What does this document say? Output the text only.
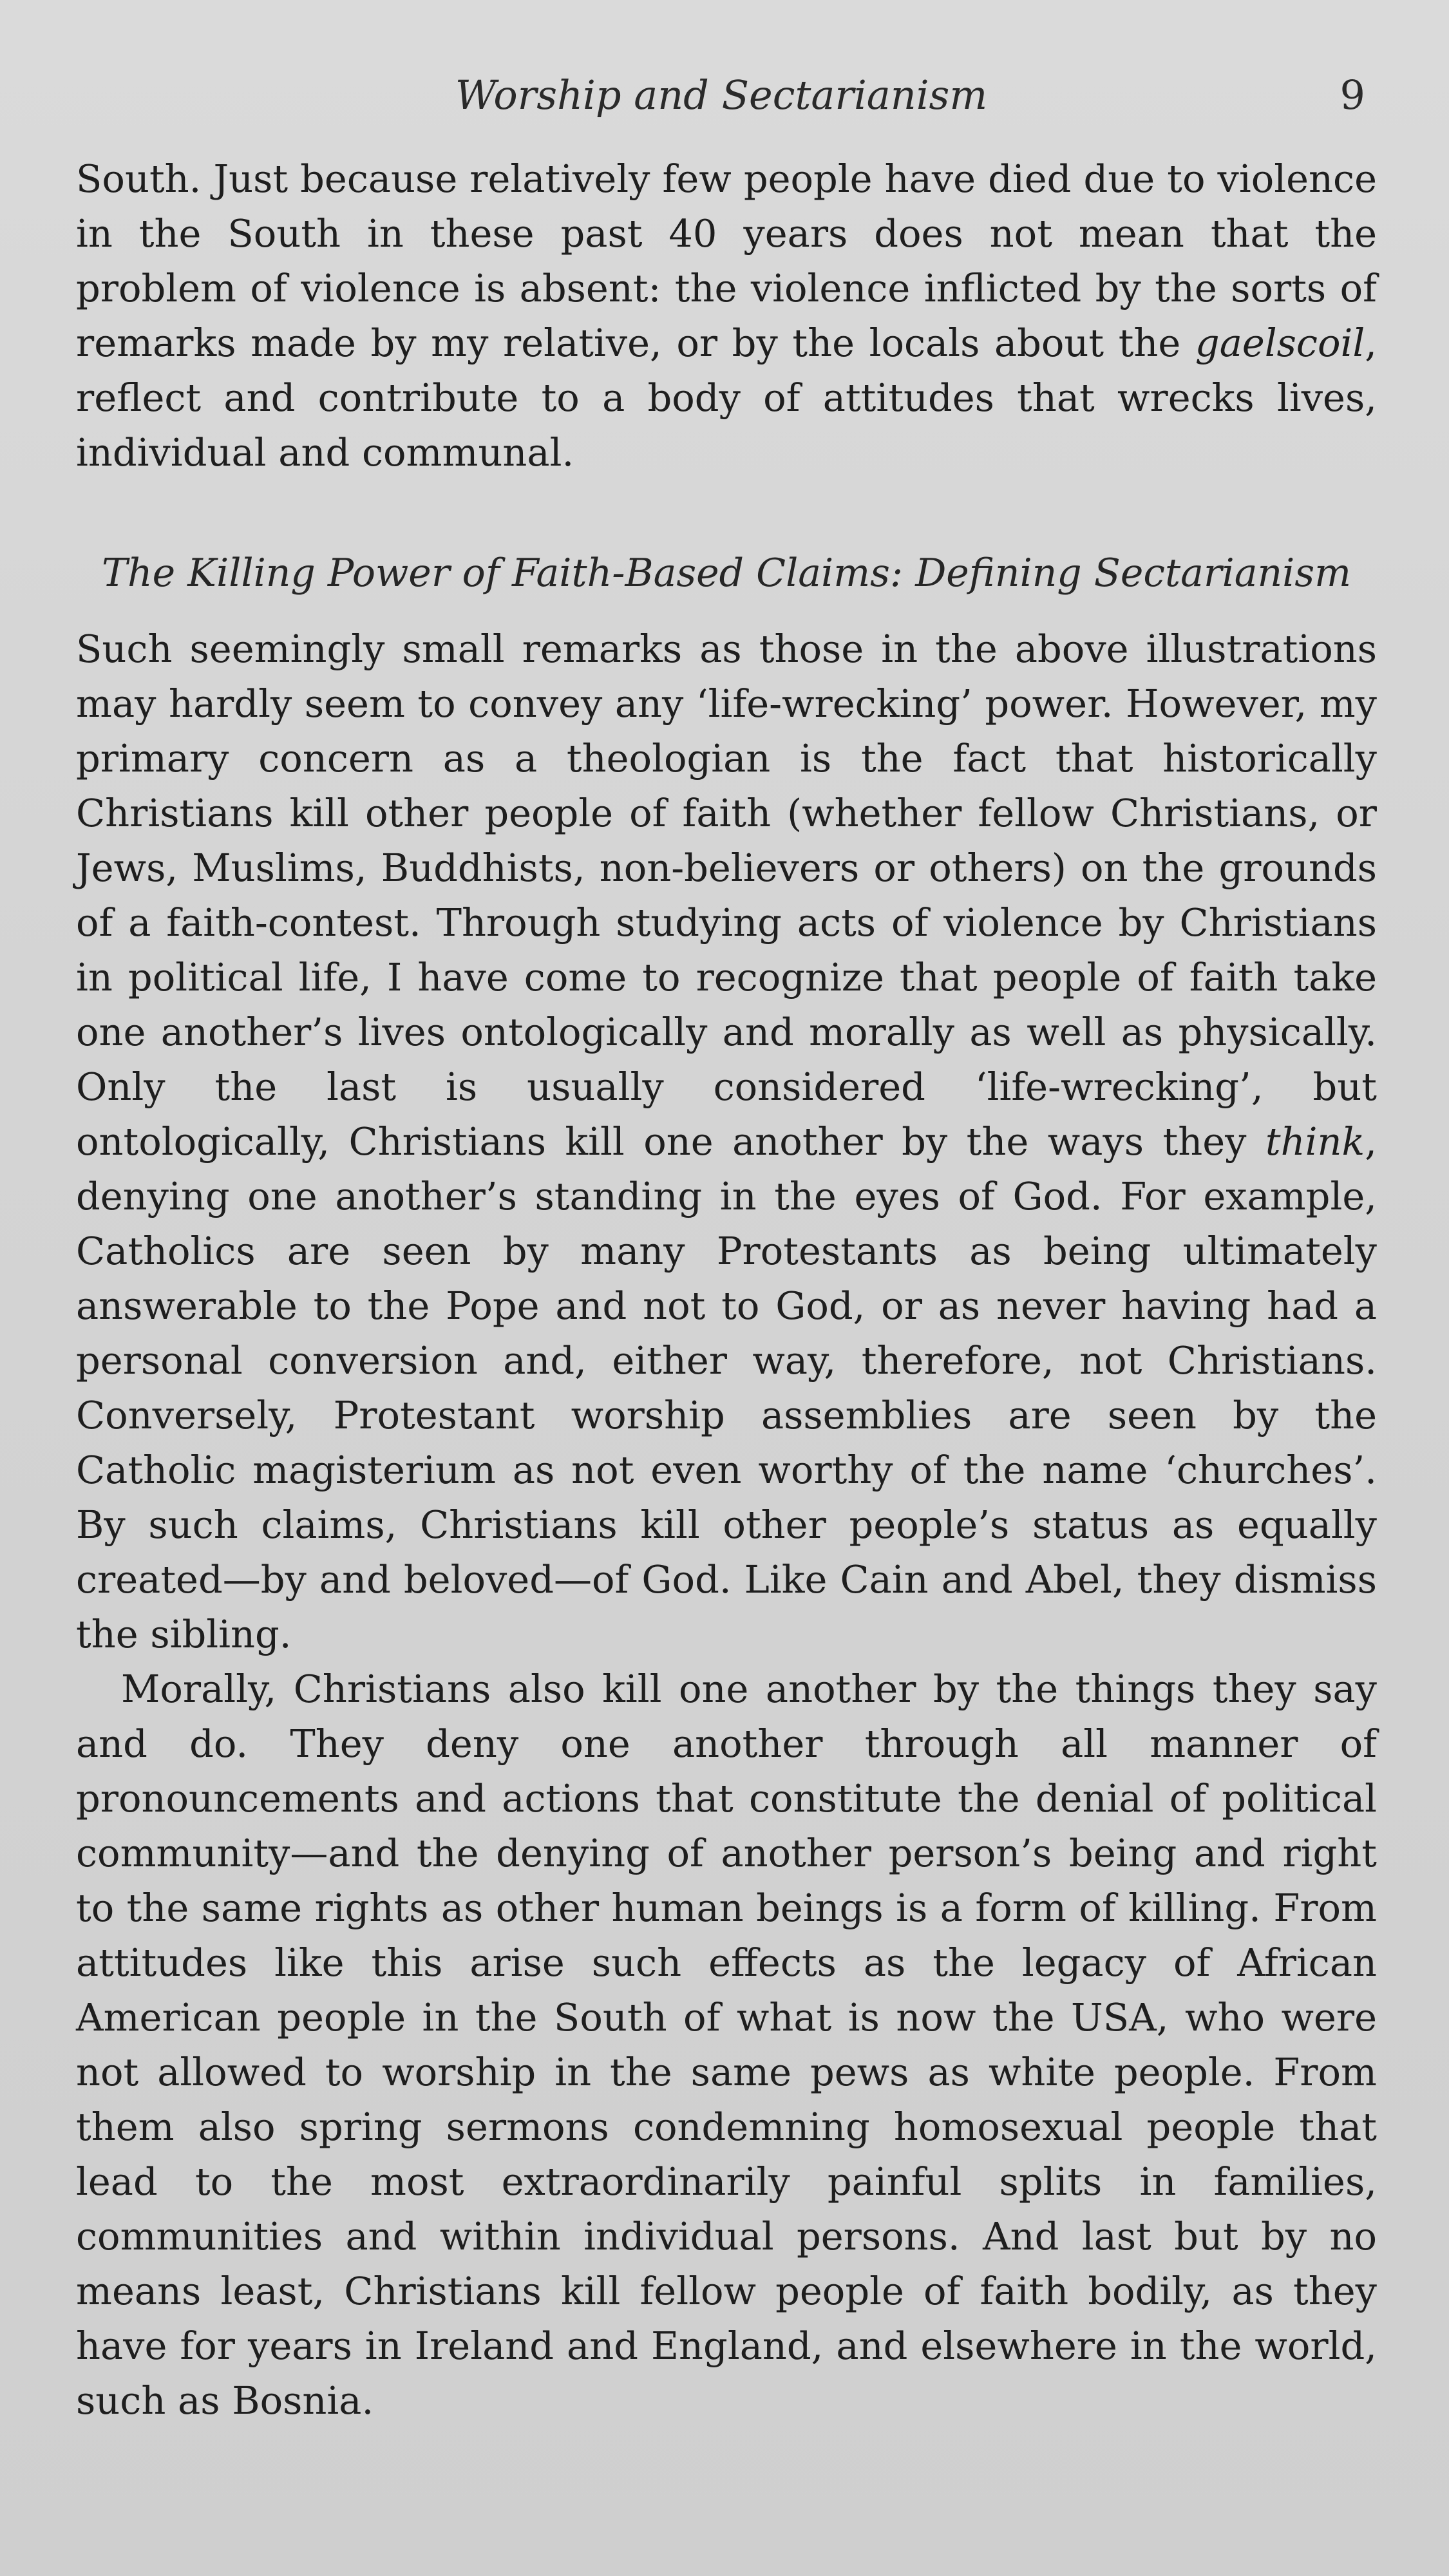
Worship and Sectarianism	9

South. Just because relatively few people have died due to violence in the South in these past 40 years does not mean that the problem of violence is absent: the violence inflicted by the sorts of remarks made by my relative, or by the locals about the gaelscoil, reflect and contribute to a body of attitudes that wrecks lives, individual and communal.

The Killing Power of Faith-Based Claims: Defining Sectarianism

Such seemingly small remarks as those in the above illustrations may hardly seem to convey any ‘life-wrecking’ power. However, my primary concern as a theologian is the fact that historically Christians kill other people of faith (whether fellow Christians, or Jews, Muslims, Buddhists, non-believers or others) on the grounds of a faith-contest. Through studying acts of violence by Christians in political life, I have come to recognize that people of faith take one another’s lives ontologically and morally as well as physically. Only the last is usually considered ‘life-wrecking’, but ontologically, Christians kill one another by the ways they think, denying one another’s standing in the eyes of God. For example, Catholics are seen by many Protestants as being ultimately answerable to the Pope and not to God, or as never having had a personal conversion and, either way, therefore, not Christians. Conversely, Protestant worship assemblies are seen by the Catholic magisterium as not even worthy of the name ‘churches’. By such claims, Christians kill other people’s status as equally created—by and beloved—of God. Like Cain and Abel, they dismiss the sibling.

Morally, Christians also kill one another by the things they say and do. They deny one another through all manner of pronouncements and actions that constitute the denial of political community—and the denying of another person’s being and right to the same rights as other human beings is a form of killing. From attitudes like this arise such effects as the legacy of African American people in the South of what is now the USA, who were not allowed to worship in the same pews as white people. From them also spring sermons condemning homosexual people that lead to the most extraordinarily painful splits in families, communities and within individual persons. And last but by no means least, Christians kill fellow people of faith bodily, as they have for years in Ireland and England, and elsewhere in the world, such as Bosnia.
